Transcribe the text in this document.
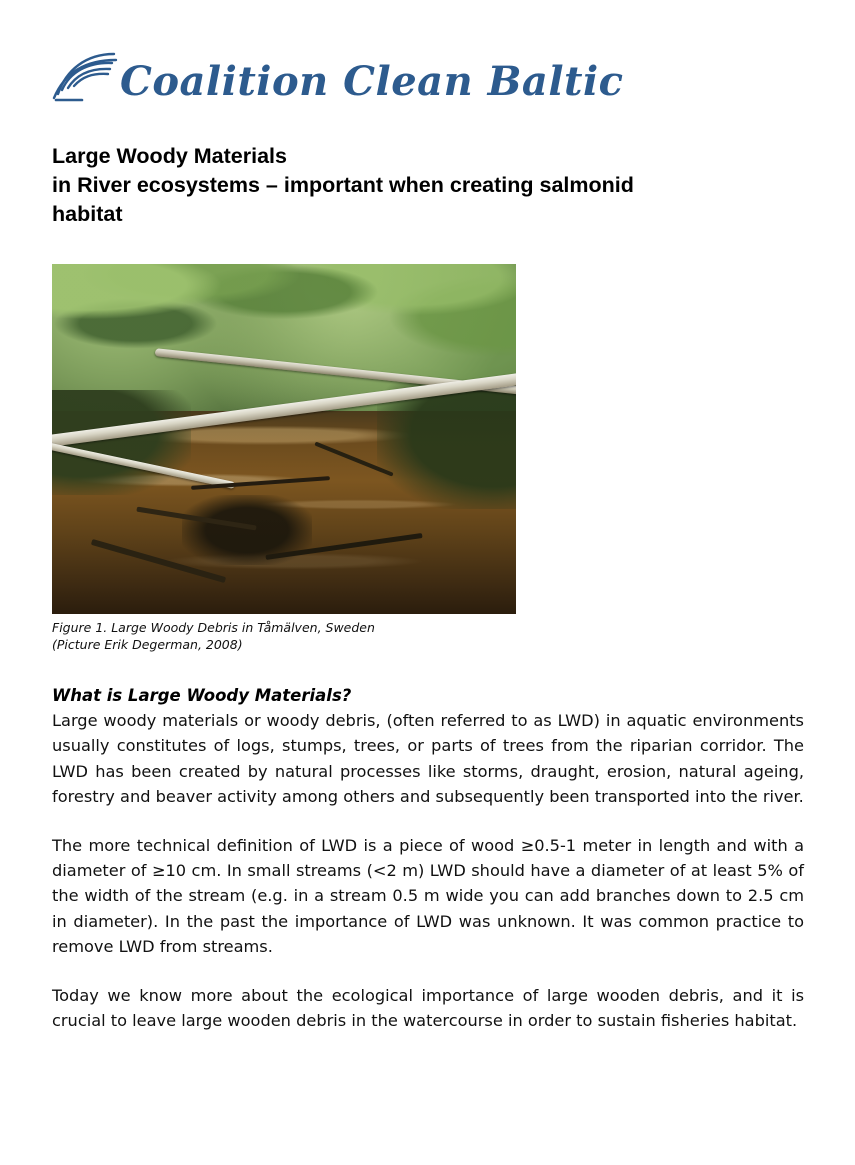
Coalition Clean Baltic
Large Woody Materials
in River ecosystems – important when creating salmonid
habitat
Figure 1. Large Woody Debris in Tåmälven, Sweden
(Picture Erik Degerman, 2008)
What is Large Woody Materials?

Large woody materials or woody debris, (often referred to as LWD) in aquatic environments usually constitutes of logs, stumps, trees, or parts of trees from the riparian corridor. The LWD has been created by natural processes like storms, draught, erosion, natural ageing, forestry and beaver activity among others and subsequently been transported into the river.

The more technical definition of LWD is a piece of wood ≥0.5-1 meter in length and with a diameter of ≥10 cm. In small streams (<2 m) LWD should have a diameter of at least 5% of the width of the stream (e.g. in a stream 0.5 m wide you can add branches down to 2.5 cm in diameter). In the past the importance of LWD was unknown. It was common practice to remove LWD from streams.

Today we know more about the ecological importance of large wooden debris, and it is crucial to leave large wooden debris in the watercourse in order to sustain fisheries habitat.
